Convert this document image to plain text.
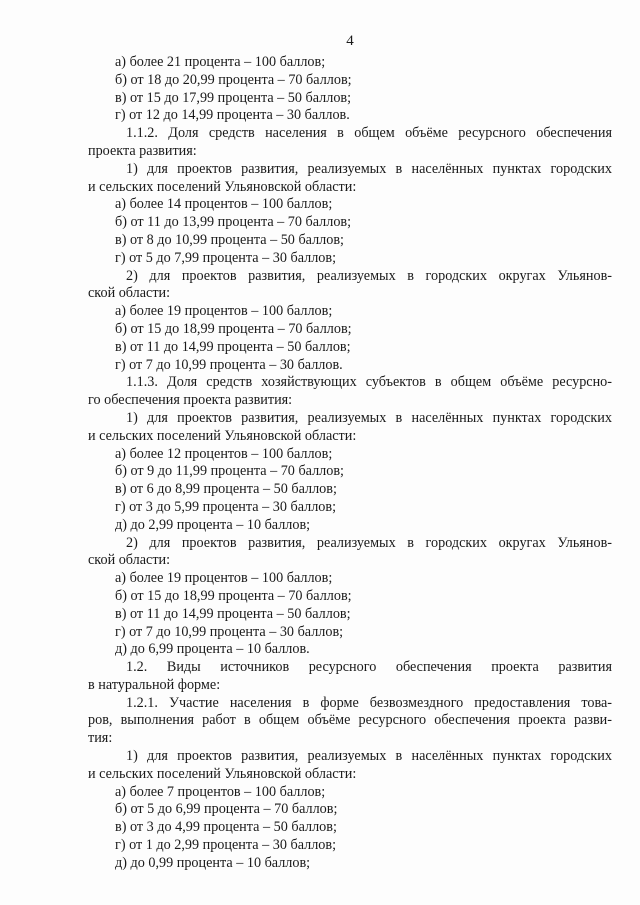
4
а) более 21 процента – 100 баллов;
б) от 18 до 20,99 процента – 70 баллов;
в) от 15 до 17,99 процента – 50 баллов;
г) от 12 до 14,99 процента – 30 баллов.
1.1.2. Доля средств населения в общем объёме ресурсного обеспечения
проекта развития:
1) для проектов развития, реализуемых в населённых пунктах городских
и сельских поселений Ульяновской области:
а) более 14 процентов – 100 баллов;
б) от 11 до 13,99 процента – 70 баллов;
в) от 8 до 10,99 процента – 50 баллов;
г) от 5 до 7,99 процента – 30 баллов;
2) для проектов развития, реализуемых в городских округах Ульянов-
ской области:
а) более 19 процентов – 100 баллов;
б) от 15 до 18,99 процента – 70 баллов;
в) от 11 до 14,99 процента – 50 баллов;
г) от 7 до 10,99 процента – 30 баллов.
1.1.3. Доля средств хозяйствующих субъектов в общем объёме ресурсно-
го обеспечения проекта развития:
1) для проектов развития, реализуемых в населённых пунктах городских
и сельских поселений Ульяновской области:
а) более 12 процентов – 100 баллов;
б) от 9 до 11,99 процента – 70 баллов;
в) от 6 до 8,99 процента – 50 баллов;
г) от 3 до 5,99 процента – 30 баллов;
д) до 2,99 процента – 10 баллов;
2) для проектов развития, реализуемых в городских округах Ульянов-
ской области:
а) более 19 процентов – 100 баллов;
б) от 15 до 18,99 процента – 70 баллов;
в) от 11 до 14,99 процента – 50 баллов;
г) от 7 до 10,99 процента – 30 баллов;
д) до 6,99 процента – 10 баллов.
1.2. Виды источников ресурсного обеспечения проекта развития
в натуральной форме:
1.2.1. Участие населения в форме безвозмездного предоставления това-
ров, выполнения работ в общем объёме ресурсного обеспечения проекта разви-
тия:
1) для проектов развития, реализуемых в населённых пунктах городских
и сельских поселений Ульяновской области:
а) более 7 процентов – 100 баллов;
б) от 5 до 6,99 процента – 70 баллов;
в) от 3 до 4,99 процента – 50 баллов;
г) от 1 до 2,99 процента – 30 баллов;
д) до 0,99 процента – 10 баллов;
